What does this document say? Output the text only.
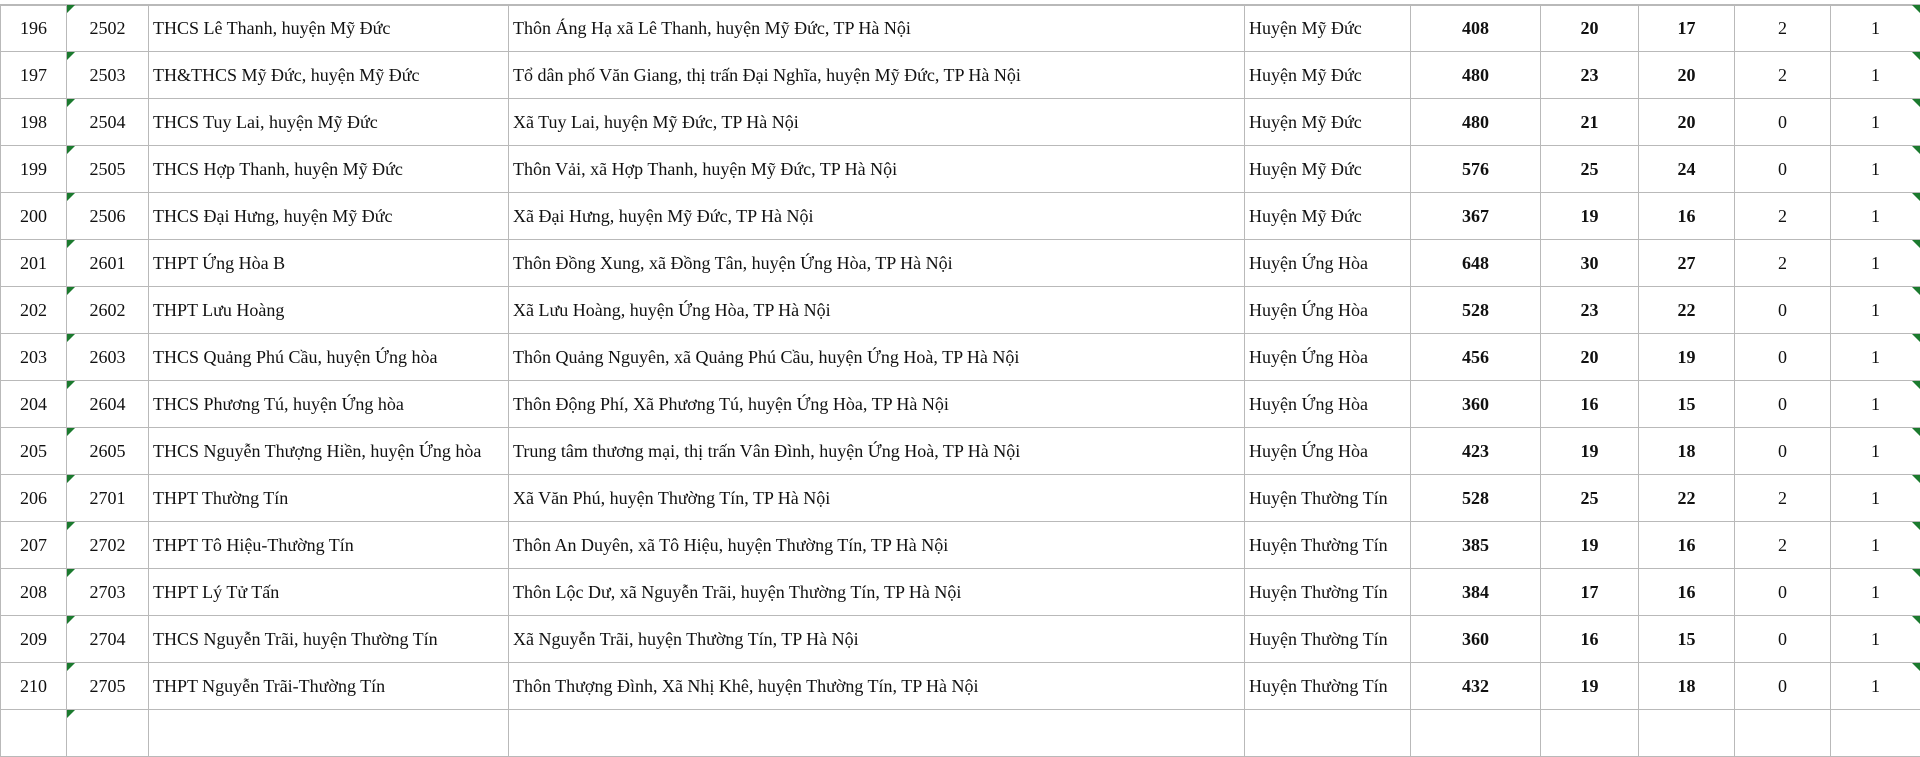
196	2502	THCS Lê Thanh, huyện Mỹ Đức	Thôn Áng Hạ xã Lê Thanh, huyện Mỹ Đức, TP Hà Nội	Huyện Mỹ Đức	408	20	17	2	1
197	2503	TH&THCS Mỹ Đức, huyện Mỹ Đức	Tổ dân phố Văn Giang, thị trấn Đại Nghĩa, huyện Mỹ Đức, TP Hà Nội	Huyện Mỹ Đức	480	23	20	2	1
198	2504	THCS Tuy Lai, huyện Mỹ Đức	Xã Tuy Lai, huyện Mỹ Đức, TP Hà Nội	Huyện Mỹ Đức	480	21	20	0	1
199	2505	THCS Hợp Thanh, huyện Mỹ Đức	Thôn Vải, xã Hợp Thanh, huyện Mỹ Đức, TP Hà Nội	Huyện Mỹ Đức	576	25	24	0	1
200	2506	THCS Đại Hưng, huyện Mỹ Đức	Xã Đại Hưng, huyện Mỹ Đức, TP Hà Nội	Huyện Mỹ Đức	367	19	16	2	1
201	2601	THPT Ứng Hòa B	Thôn Đồng Xung, xã Đồng Tân, huyện Ứng Hòa, TP Hà Nội	Huyện Ứng Hòa	648	30	27	2	1
202	2602	THPT Lưu Hoàng	Xã Lưu Hoàng, huyện Ứng Hòa, TP Hà Nội	Huyện Ứng Hòa	528	23	22	0	1
203	2603	THCS Quảng Phú Cầu, huyện Ứng hòa	Thôn Quảng Nguyên, xã Quảng Phú Cầu, huyện Ứng Hoà, TP Hà Nội	Huyện Ứng Hòa	456	20	19	0	1
204	2604	THCS Phương Tú, huyện Ứng hòa	Thôn Động Phí, Xã Phương Tú, huyện Ứng Hòa, TP Hà Nội	Huyện Ứng Hòa	360	16	15	0	1
205	2605	THCS Nguyễn Thượng Hiền, huyện Ứng hòa	Trung tâm thương mại, thị trấn Vân Đình, huyện Ứng Hoà, TP Hà Nội	Huyện Ứng Hòa	423	19	18	0	1
206	2701	THPT Thường Tín	Xã Văn Phú, huyện Thường Tín, TP Hà Nội	Huyện Thường Tín	528	25	22	2	1
207	2702	THPT Tô Hiệu-Thường Tín	Thôn An Duyên, xã Tô Hiệu, huyện Thường Tín, TP Hà Nội	Huyện Thường Tín	385	19	16	2	1
208	2703	THPT Lý Tử Tấn	Thôn Lộc Dư, xã Nguyễn Trãi, huyện Thường Tín, TP Hà Nội	Huyện Thường Tín	384	17	16	0	1
209	2704	THCS Nguyễn Trãi, huyện Thường Tín	Xã Nguyễn Trãi, huyện Thường Tín, TP Hà Nội	Huyện Thường Tín	360	16	15	0	1
210	2705	THPT Nguyễn Trãi-Thường Tín	Thôn Thượng Đình, Xã Nhị Khê, huyện Thường Tín, TP Hà Nội	Huyện Thường Tín	432	19	18	0	1
